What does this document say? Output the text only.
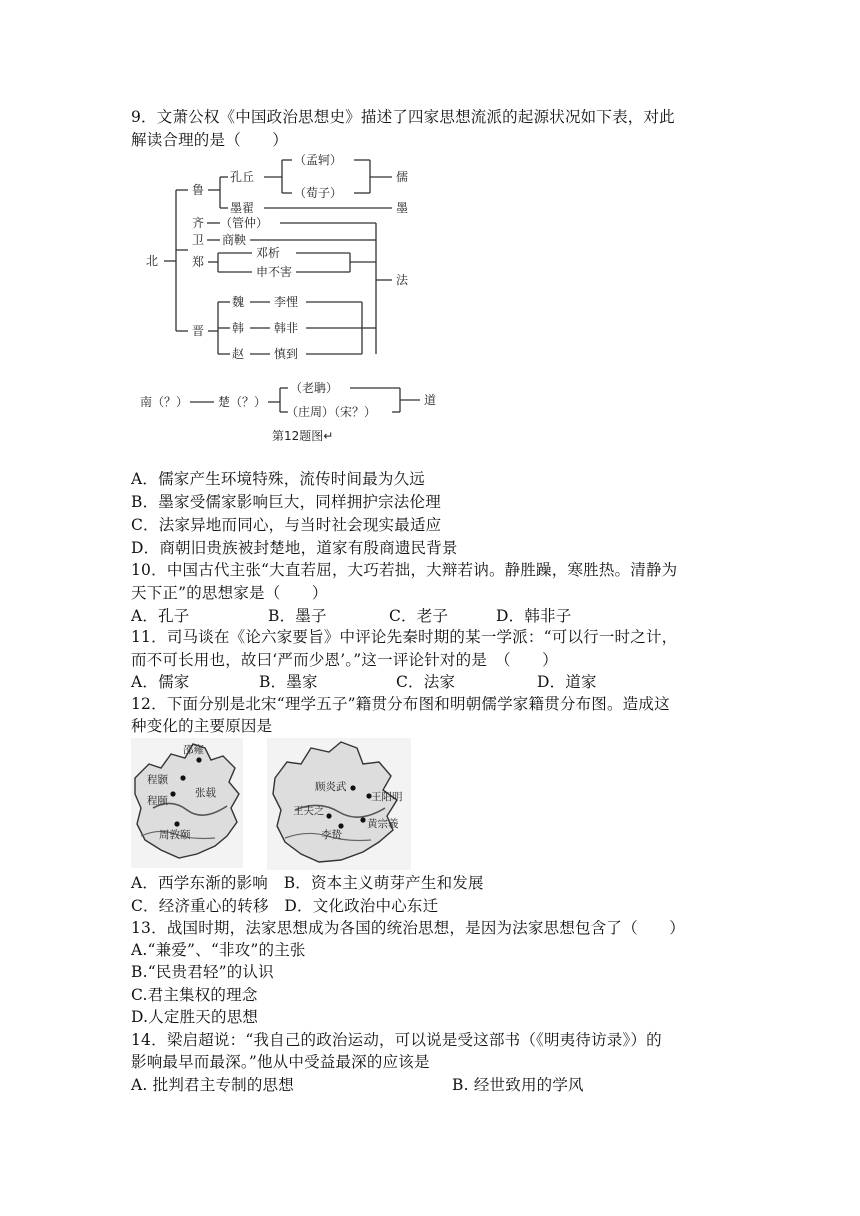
9．文萧公权《中国政治思想史》描述了四家思想流派的起源状况如下表，对此
解读合理的是（　　）
北
鲁
孔丘
（孟轲）
（荀子）
儒
墨翟	墨
齐 （管仲）
卫 商鞅
郑
邓析
申不害
法
晋
魏
韩
赵
李悝
韩非
慎到
南（？） 楚（？）
（老聃）
（庄周）（宋？）
道
第12题图↵
A．儒家产生环境特殊，流传时间最为久远
B．墨家受儒家影响巨大，同样拥护宗法伦理
C．法家异地而同心，与当时社会现实最适应
D．商朝旧贵族被封楚地，道家有殷商遗民背景
10．中国古代主张“大直若屈，大巧若拙，大辩若讷。静胜躁，寒胜热。清静为
天下正”的思想家是（　　）
A．孔子	B．墨子	C．老子	D．韩非子
11．司马谈在《论六家要旨》中评论先秦时期的某一学派：“可以行一时之计，
而不可长用也，故曰‘严而少恩’。”这一评论针对的是　（　　）
A．儒家	B．墨家	C．法家	D．道家
12．下面分别是北宋“理学五子”籍贯分布图和明朝儒学家籍贯分布图。造成这
种变化的主要原因是
邵雍
程颢
程颐
张载
周敦颐
顾炎武
王阳明
王夫之
黄宗羲
李贽
A．西学东渐的影响　B．资本主义萌芽产生和发展
C．经济重心的转移　D．文化政治中心东迁
13．战国时期，法家思想成为各国的统治思想，是因为法家思想包含了（　　）
A.“兼爱”、“非攻”的主张
B.“民贵君轻”的认识
C.君主集权的理念
D.人定胜天的思想
14．梁启超说：“我自己的政治运动，可以说是受这部书（《明夷待访录》）的
影响最早而最深。”他从中受益最深的应该是
A. 批判君主专制的思想	B. 经世致用的学风
